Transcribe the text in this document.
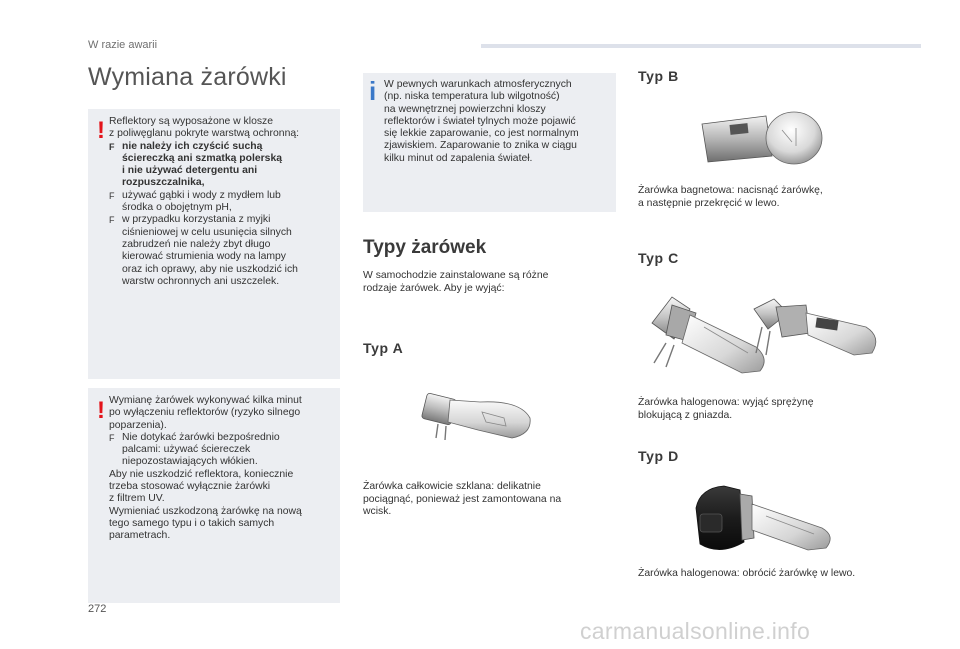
W razie awarii
Wymiana żarówki
! Reflektory są wyposażone w klosze
z poliwęglanu pokryte warstwą ochronną:
F nie należy ich czyścić suchą
ściereczką ani szmatką polerską
i nie używać detergentu ani
rozpuszczalnika,
F używać gąbki i wody z mydłem lub
środka o obojętnym pH,
F w przypadku korzystania z myjki
ciśnieniowej w celu usunięcia silnych
zabrudzeń nie należy zbyt długo
kierować strumienia wody na lampy
oraz ich oprawy, aby nie uszkodzić ich
warstw ochronnych ani uszczelek.
! Wymianę żarówek wykonywać kilka minut
po wyłączeniu reflektorów (ryzyko silnego
poparzenia).
F Nie dotykać żarówki bezpośrednio
palcami: używać ściereczek
niepozostawiających włókien.
Aby nie uszkodzić reflektora, koniecznie
trzeba stosować wyłącznie żarówki
z filtrem UV.
Wymieniać uszkodzoną żarówkę na nową
tego samego typu i o takich samych
parametrach.
i W pewnych warunkach atmosferycznych
(np. niska temperatura lub wilgotność)
na wewnętrznej powierzchni kloszy
reflektorów i świateł tylnych może pojawić
się lekkie zaparowanie, co jest normalnym
zjawiskiem. Zaparowanie to znika w ciągu
kilku minut od zapalenia świateł.
Typy żarówek
W samochodzie zainstalowane są różne
rodzaje żarówek. Aby je wyjąć:
Typ A
Żarówka całkowicie szklana: delikatnie
pociągnąć, ponieważ jest zamontowana na
wcisk.
Typ B
Żarówka bagnetowa: nacisnąć żarówkę,
a następnie przekręcić w lewo.
Typ C
Żarówka halogenowa: wyjąć sprężynę
blokującą z gniazda.
Typ D
Żarówka halogenowa: obrócić żarówkę w lewo.
272
carmanualsonline.info
